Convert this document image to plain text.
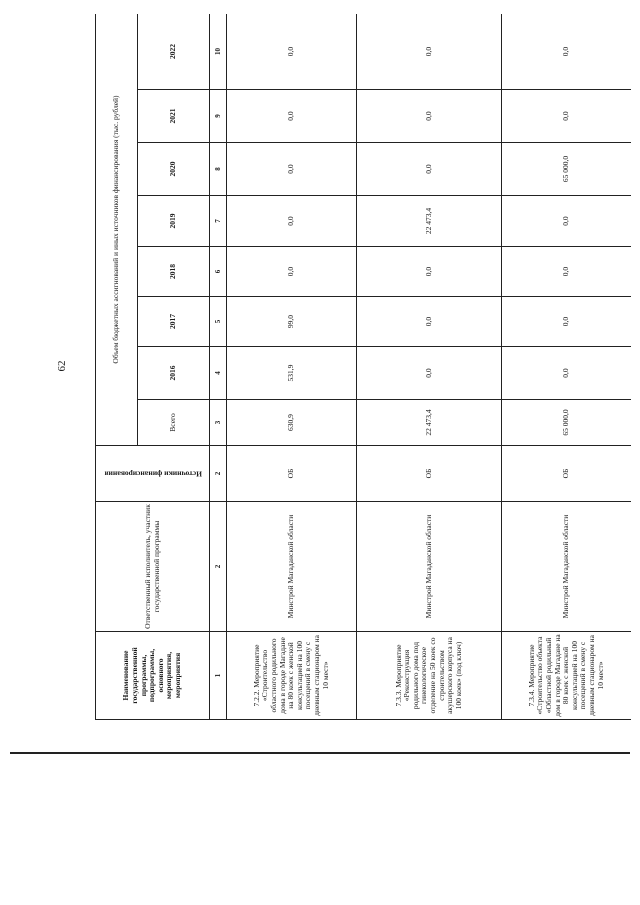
62
Наименование государственной программы, подпрограммы, основного мероприятия, мероприятия	Ответственный исполнитель, участник государственной программы	Источники финансирования	Объем бюджетных ассигнований и иных источников финансирования (тыс. рублей)							
			Всего	2016	2017	2018	2019	2020	2021	2022
1	2	2	3	4	5	6	7	8	9	10
7.2.2. Мероприятие «Строительство областного родильного дома в городе Магадане на 80 коек с женской консультацией на 100 посещений в смену с дневным стационаром на 10 мест»	Минстрой Магаданской области	ОБ	630,9	531,9	99,0	0,0	0,0	0,0	0,0	0,0
7.3.3. Мероприятие «Реконструкция родильного дома под гинекологическое отделение на 50 коек со строительством акушерского корпуса на 100 коек» (под ключ)	Минстрой Магаданской области	ОБ	22 473,4	0,0	0,0	0,0	22 473,4	0,0	0,0	0,0
7.3.4. Мероприятие «Строительство объекта «Областной родильный дом в городе Магадане на 80 коек с женской консультацией на 100 посещений в смену с дневным стационаром на 10 мест»	Минстрой Магаданской области	ОБ	65 000,0	0,0	0,0	0,0	0,0	65 000,0	0,0	0,0
